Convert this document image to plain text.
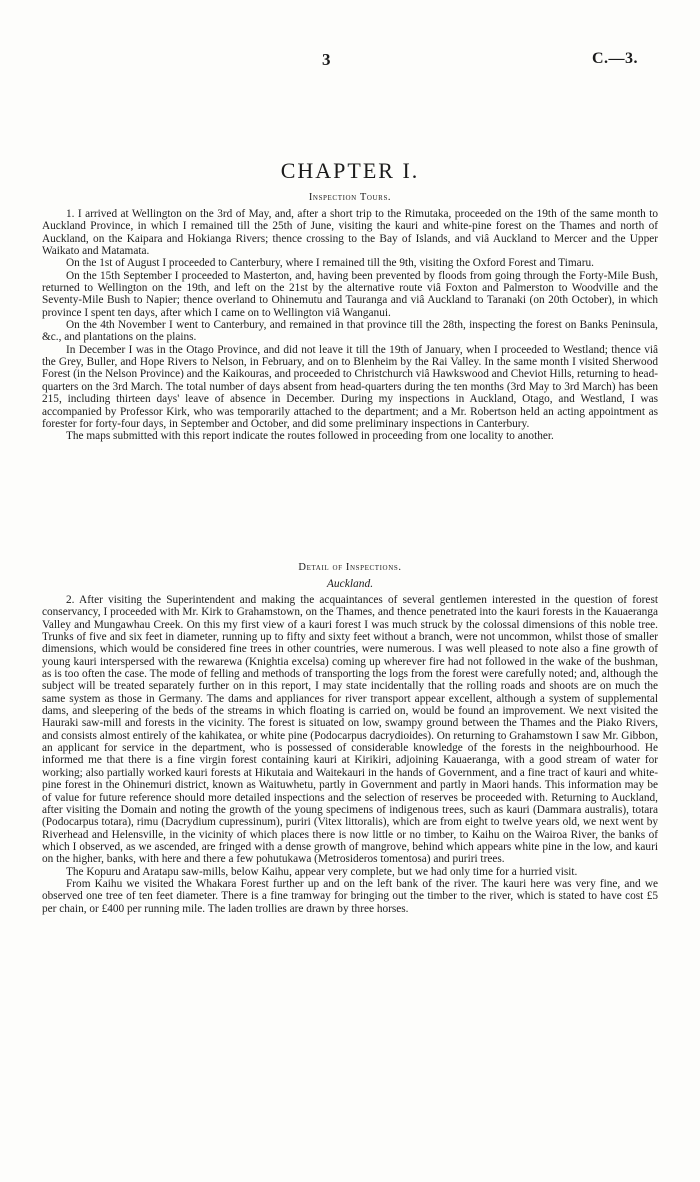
3	C.—3.
CHAPTER I.
Inspection Tours.

1. I arrived at Wellington on the 3rd of May, and, after a short trip to the Rimutaka, proceeded on the 19th of the same month to Auckland Province, in which I remained till the 25th of June, visiting the kauri and white-pine forest on the Thames and north of Auckland, on the Kaipara and Hokianga Rivers; thence crossing to the Bay of Islands, and viâ Auckland to Mercer and the Upper Waikato and Matamata.

On the 1st of August I proceeded to Canterbury, where I remained till the 9th, visiting the Oxford Forest and Timaru.

On the 15th September I proceeded to Masterton, and, having been prevented by floods from going through the Forty-Mile Bush, returned to Wellington on the 19th, and left on the 21st by the alternative route viâ Foxton and Palmerston to Woodville and the Seventy-Mile Bush to Napier; thence overland to Ohinemutu and Tauranga and viâ Auckland to Taranaki (on 20th October), in which province I spent ten days, after which I came on to Wellington viâ Wanganui.

On the 4th November I went to Canterbury, and remained in that province till the 28th, inspecting the forest on Banks Peninsula, &c., and plantations on the plains.

In December I was in the Otago Province, and did not leave it till the 19th of January, when I proceeded to Westland; thence viâ the Grey, Buller, and Hope Rivers to Nelson, in February, and on to Blenheim by the Rai Valley. In the same month I visited Sherwood Forest (in the Nelson Province) and the Kaikouras, and proceeded to Christchurch viâ Hawkswood and Cheviot Hills, returning to head-quarters on the 3rd March. The total number of days absent from head-quarters during the ten months (3rd May to 3rd March) has been 215, including thirteen days' leave of absence in December. During my inspections in Auckland, Otago, and Westland, I was accompanied by Professor Kirk, who was temporarily attached to the department; and a Mr. Robertson held an acting appointment as forester for forty-four days, in September and October, and did some preliminary inspections in Canterbury.

The maps submitted with this report indicate the routes followed in proceeding from one locality to another.

Detail of Inspections.
Auckland.

2. After visiting the Superintendent and making the acquaintances of several gentlemen interested in the question of forest conservancy, I proceeded with Mr. Kirk to Grahamstown, on the Thames, and thence penetrated into the kauri forests in the Kauaeranga Valley and Mungawhau Creek. On this my first view of a kauri forest I was much struck by the colossal dimensions of this noble tree. Trunks of five and six feet in diameter, running up to fifty and sixty feet without a branch, were not uncommon, whilst those of smaller dimensions, which would be considered fine trees in other countries, were numerous. I was well pleased to note also a fine growth of young kauri interspersed with the rewarewa (Knightia excelsa) coming up wherever fire had not followed in the wake of the bushman, as is too often the case. The mode of felling and methods of transporting the logs from the forest were carefully noted; and, although the subject will be treated separately further on in this report, I may state incidentally that the rolling roads and shoots are on much the same system as those in Germany. The dams and appliances for river transport appear excellent, although a system of supplemental dams, and sleepering of the beds of the streams in which floating is carried on, would be found an improvement. We next visited the Hauraki saw-mill and forests in the vicinity. The forest is situated on low, swampy ground between the Thames and the Piako Rivers, and consists almost entirely of the kahikatea, or white pine (Podocarpus dacrydioides). On returning to Grahamstown I saw Mr. Gibbon, an applicant for service in the department, who is possessed of considerable knowledge of the forests in the neighbourhood. He informed me that there is a fine virgin forest containing kauri at Kirikiri, adjoining Kauaeranga, with a good stream of water for working; also partially worked kauri forests at Hikutaia and Waitekauri in the hands of Government, and a fine tract of kauri and white-pine forest in the Ohinemuri district, known as Waituwhetu, partly in Government and partly in Maori hands. This information may be of value for future reference should more detailed inspections and the selection of reserves be proceeded with. Returning to Auckland, after visiting the Domain and noting the growth of the young specimens of indigenous trees, such as kauri (Dammara australis), totara (Podocarpus totara), rimu (Dacrydium cupressinum), puriri (Vitex littoralis), which are from eight to twelve years old, we next went by Riverhead and Helensville, in the vicinity of which places there is now little or no timber, to Kaihu on the Wairoa River, the banks of which I observed, as we ascended, are fringed with a dense growth of mangrove, behind which appears white pine in the low, and kauri on the higher, banks, with here and there a few pohutukawa (Metrosideros tomentosa) and puriri trees.

The Kopuru and Aratapu saw-mills, below Kaihu, appear very complete, but we had only time for a hurried visit.

From Kaihu we visited the Whakara Forest further up and on the left bank of the river. The kauri here was very fine, and we observed one tree of ten feet diameter. There is a fine tramway for bringing out the timber to the river, which is stated to have cost £5 per chain, or £400 per running mile. The laden trollies are drawn by three horses.
